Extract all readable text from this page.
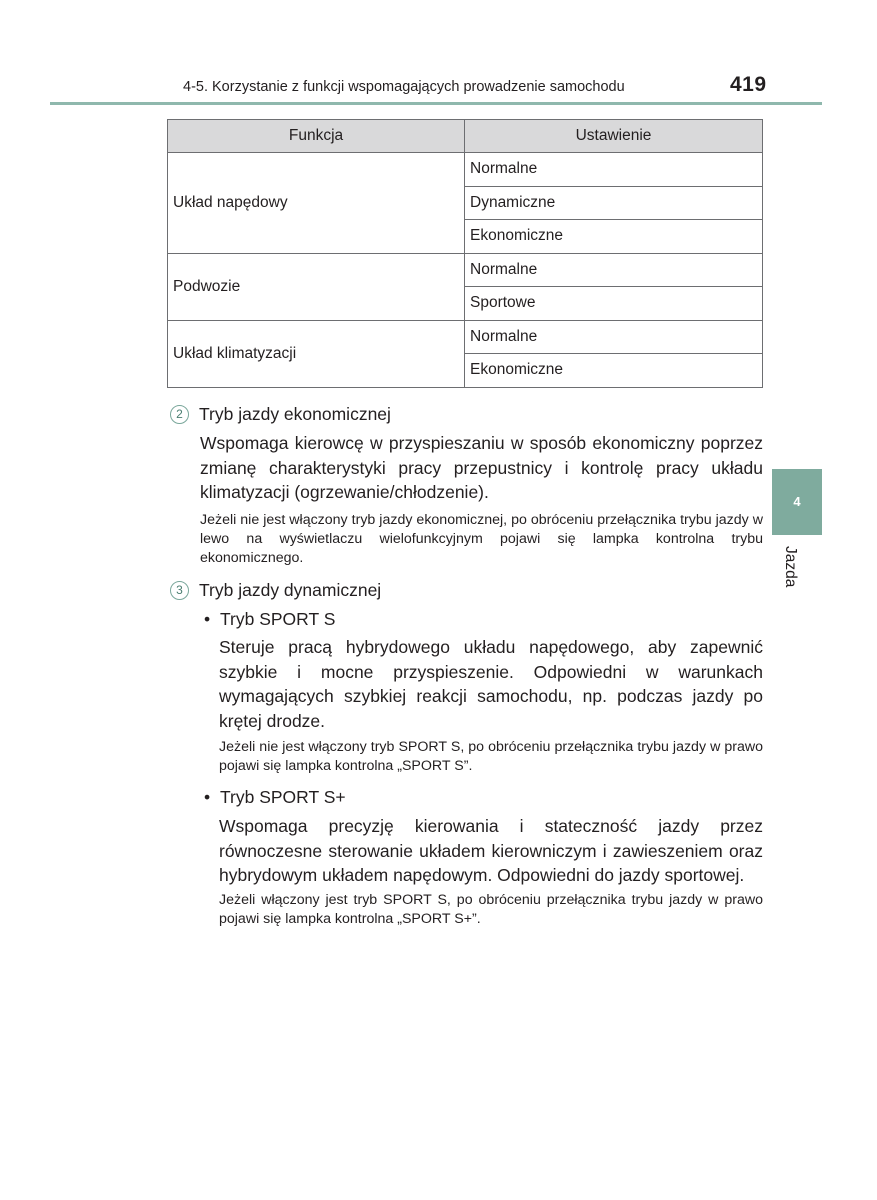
4-5. Korzystanie z funkcji wspomagających prowadzenie samochodu	419
Funkcja	Ustawienie
Układ napędowy	Normalne
	Dynamiczne
	Ekonomiczne
Podwozie	Normalne
	Sportowe
Układ klimatyzacji	Normalne
	Ekonomiczne
2 Tryb jazdy ekonomicznej
Wspomaga kierowcę w przyspieszaniu w sposób ekonomiczny poprzez zmianę charakterystyki pracy przepustnicy i kontrolę pracy układu klimatyzacji (ogrzewanie/chłodzenie).
Jeżeli nie jest włączony tryb jazdy ekonomicznej, po obróceniu przełącznika trybu jazdy w lewo na wyświetlaczu wielofunkcyjnym pojawi się lampka kontrolna trybu ekonomicznego.
3 Tryb jazdy dynamicznej
• Tryb SPORT S
Steruje pracą hybrydowego układu napędowego, aby zapewnić szybkie i mocne przyspieszenie. Odpowiedni w warunkach wymagających szybkiej reakcji samochodu, np. podczas jazdy po krętej drodze.
Jeżeli nie jest włączony tryb SPORT S, po obróceniu przełącznika trybu jazdy w prawo pojawi się lampka kontrolna „SPORT S”.
• Tryb SPORT S+
Wspomaga precyzję kierowania i stateczność jazdy przez równoczesne sterowanie układem kierowniczym i zawieszeniem oraz hybrydowym układem napędowym. Odpowiedni do jazdy sportowej.
Jeżeli włączony jest tryb SPORT S, po obróceniu przełącznika trybu jazdy w prawo pojawi się lampka kontrolna „SPORT S+”.
4
Jazda
